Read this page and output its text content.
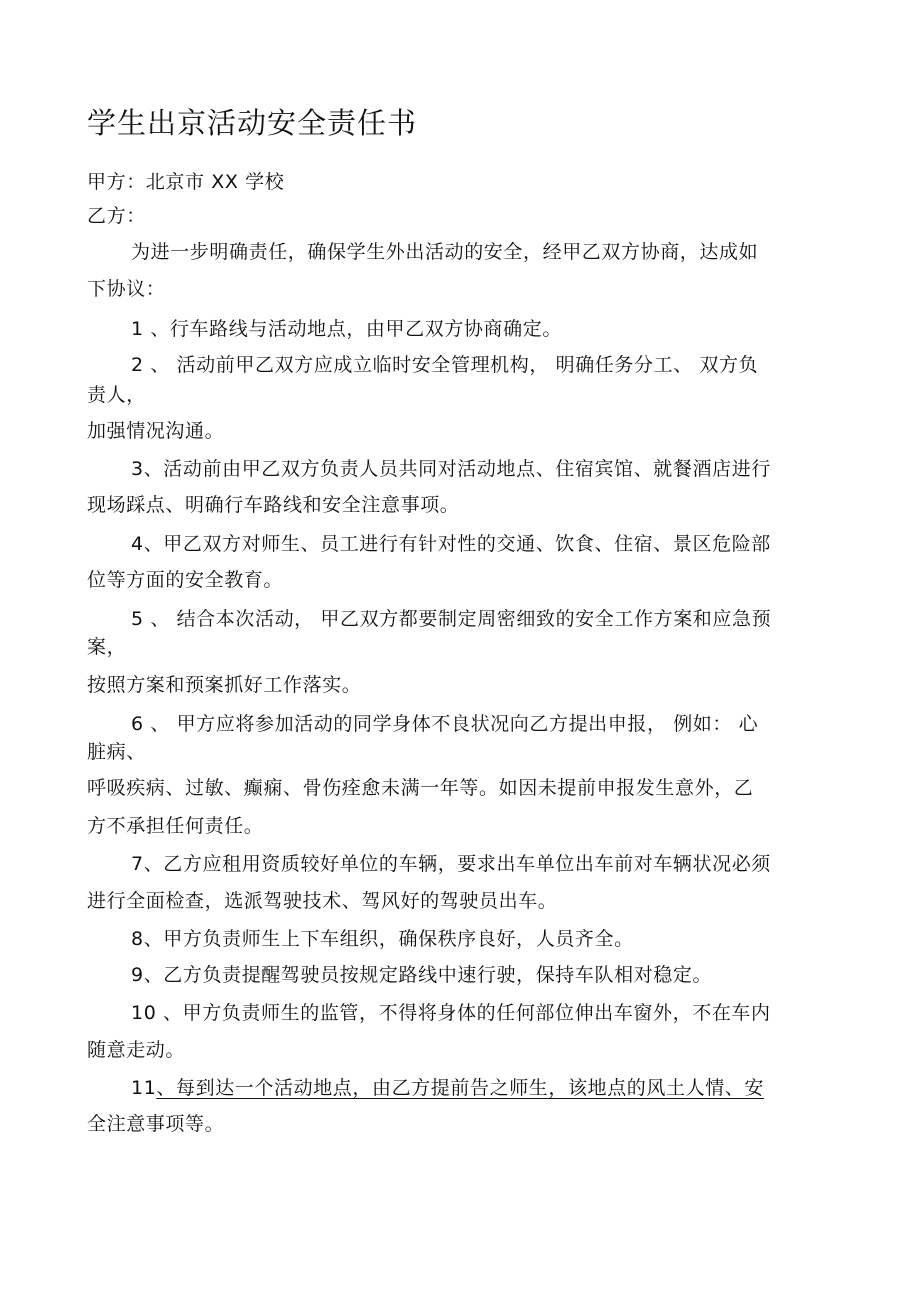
学生出京活动安全责任书
甲方：北京市 XX 学校
乙方：
为进一步明确责任，确保学生外出活动的安全，经甲乙双方协商，达成如
下协议：
1 、行车路线与活动地点，由甲乙双方协商确定。
2 、 活动前甲乙双方应成立临时安全管理机构， 明确任务分工、 双方负
责人，
加强情况沟通。
3、活动前由甲乙双方负责人员共同对活动地点、住宿宾馆、就餐酒店进行
现场踩点、明确行车路线和安全注意事项。
4、甲乙双方对师生、员工进行有针对性的交通、饮食、住宿、景区危险部
位等方面的安全教育。
5 、 结合本次活动， 甲乙双方都要制定周密细致的安全工作方案和应急预
案，
按照方案和预案抓好工作落实。
6 、 甲方应将参加活动的同学身体不良状况向乙方提出申报， 例如： 心
脏病、
呼吸疾病、过敏、癫痫、骨伤痊愈未满一年等。如因未提前申报发生意外，乙
方不承担任何责任。
7、乙方应租用资质较好单位的车辆，要求出车单位出车前对车辆状况必须
进行全面检查，选派驾驶技术、驾风好的驾驶员出车。
8、甲方负责师生上下车组织，确保秩序良好，人员齐全。
9、乙方负责提醒驾驶员按规定路线中速行驶，保持车队相对稳定。
10 、甲方负责师生的监管，不得将身体的任何部位伸出车窗外，不在车内
随意走动。
11、每到达一个活动地点，由乙方提前告之师生，该地点的风土人情、安
全注意事项等。
